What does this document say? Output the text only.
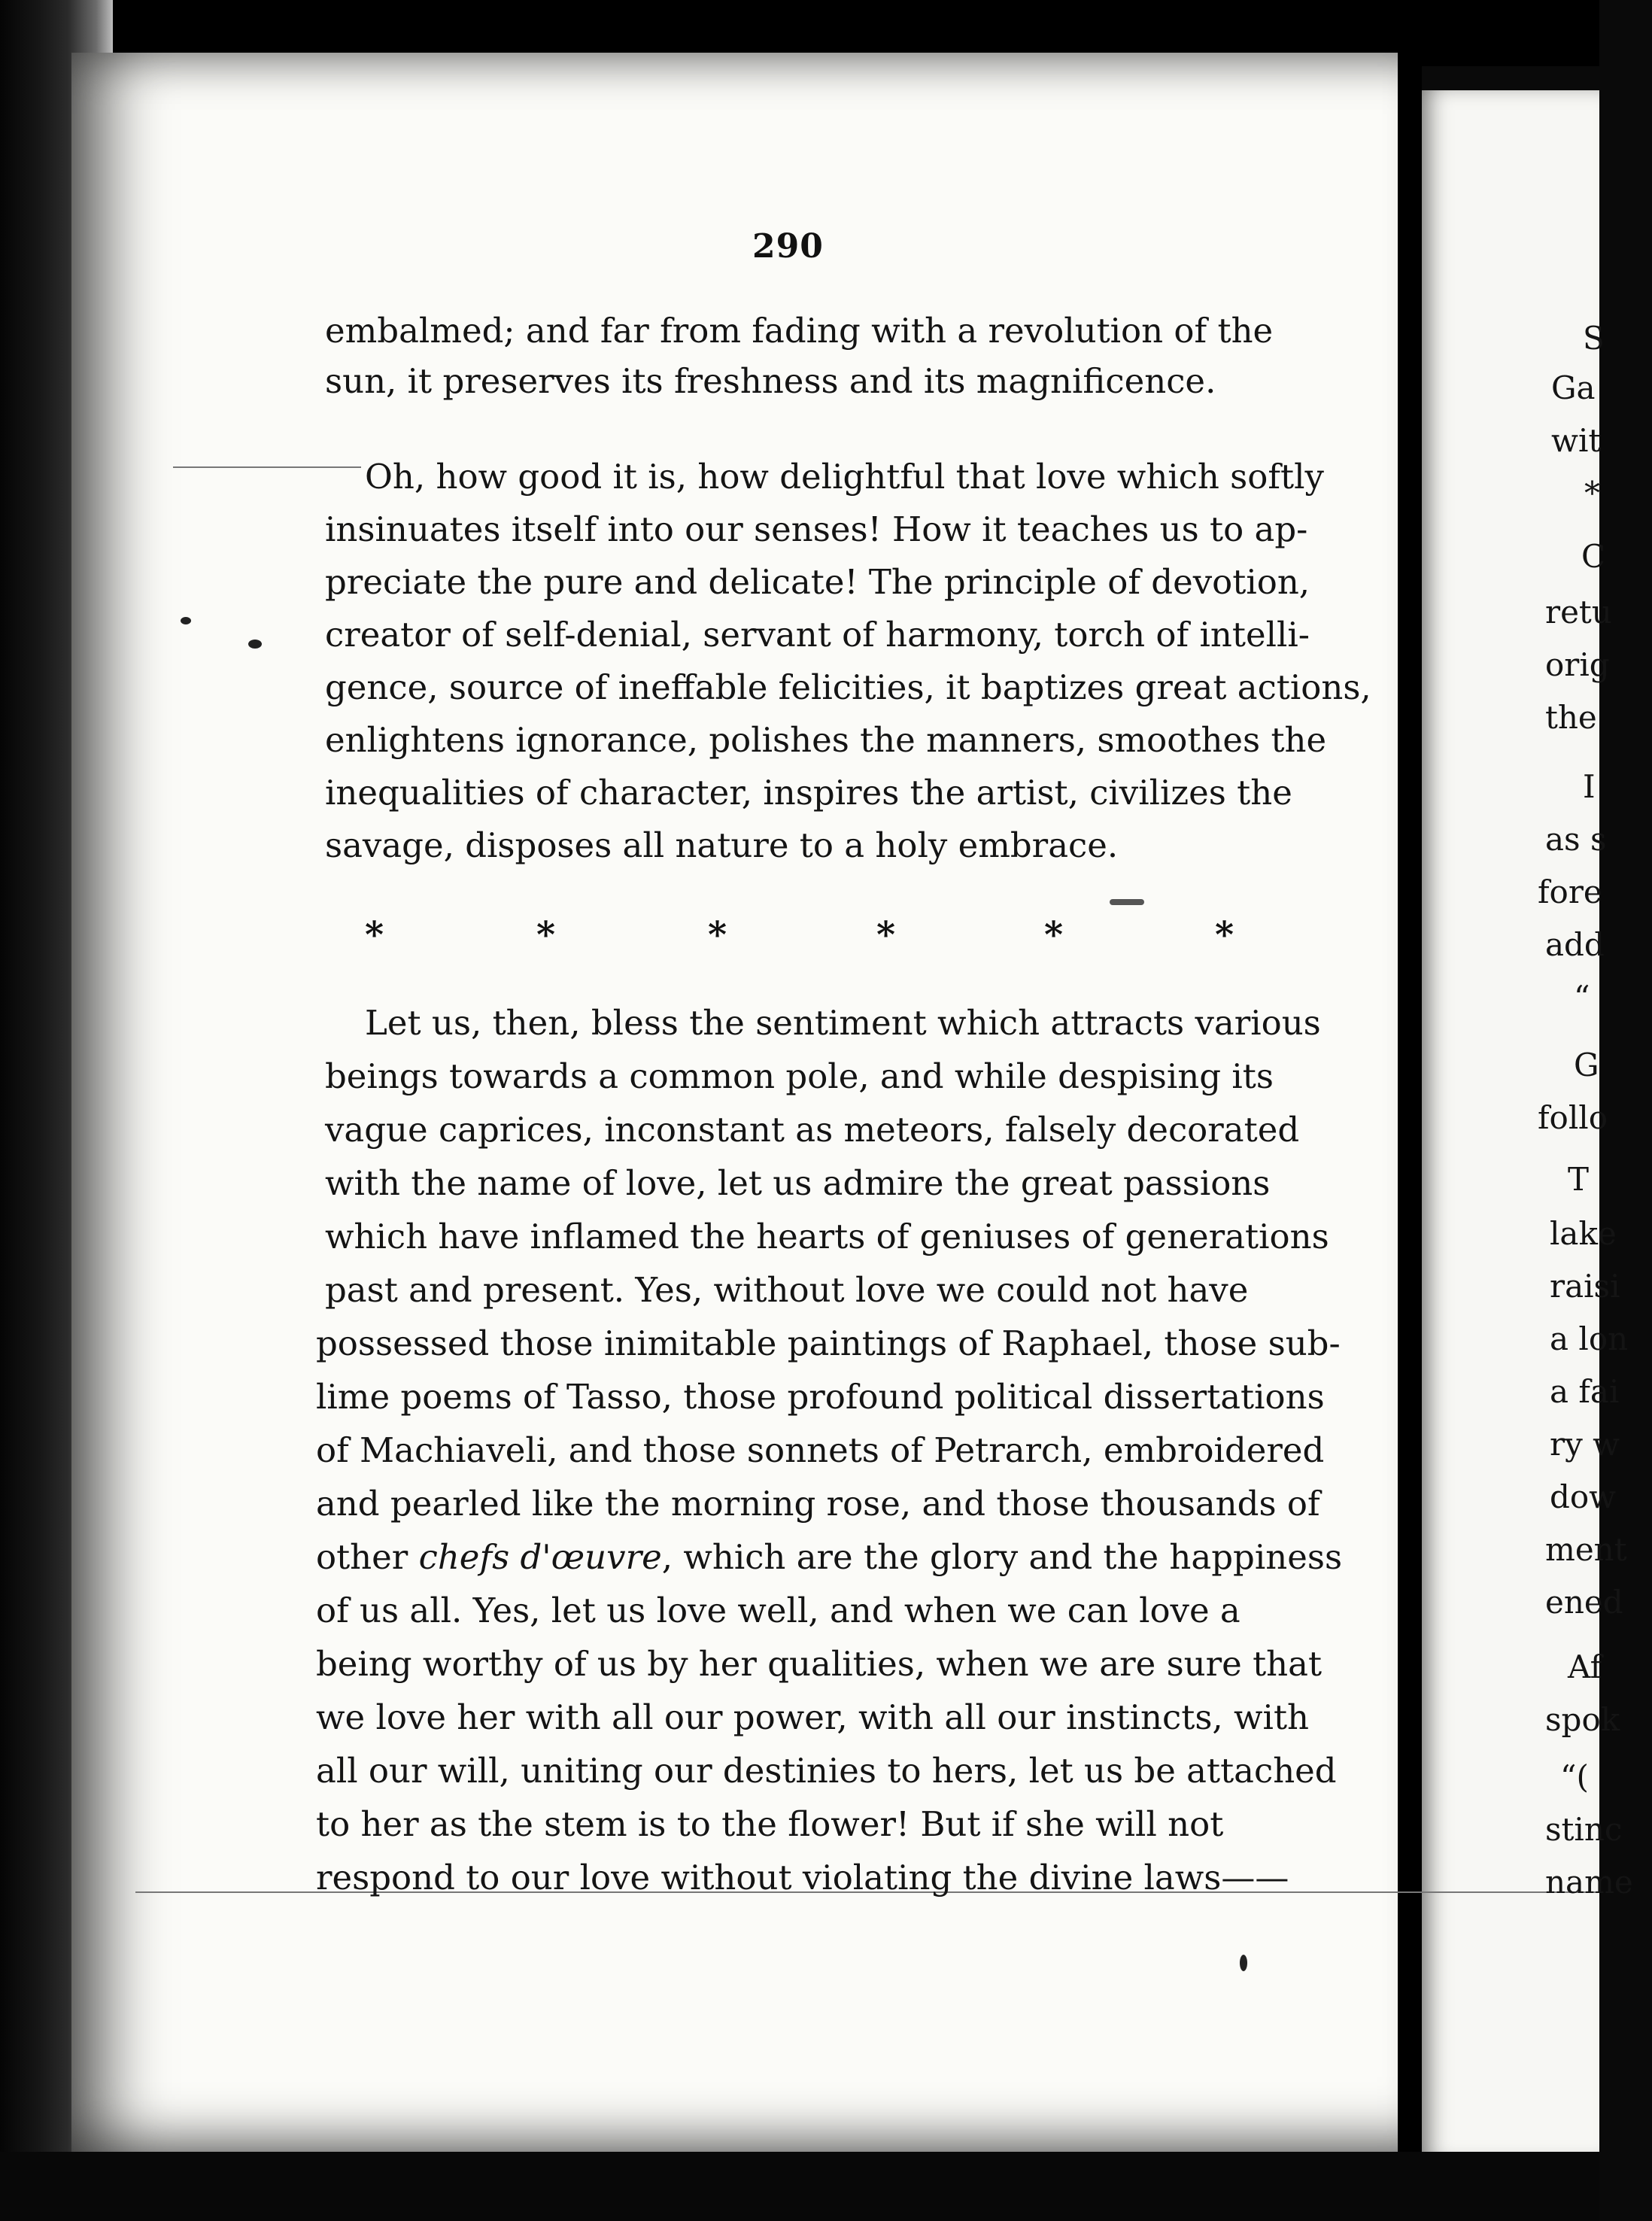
290
embalmed; and far from fading with a revolution of the
sun, it preserves its freshness and its magnificence.
Oh, how good it is, how delightful that love which softly
insinuates itself into our senses! How it teaches us to ap-
preciate the pure and delicate! The principle of devotion,
creator of self-denial, servant of harmony, torch of intelli-
gence, source of ineffable felicities, it baptizes great actions,
enlightens ignorance, polishes the manners, smoothes the
inequalities of character, inspires the artist, civilizes the
savage, disposes all nature to a holy embrace.
*	*	*	*	*	*
Let us, then, bless the sentiment which attracts various
beings towards a common pole, and while despising its
vague caprices, inconstant as meteors, falsely decorated
with the name of love, let us admire the great passions
which have inflamed the hearts of geniuses of generations
past and present. Yes, without love we could not have
possessed those inimitable paintings of Raphael, those sub-
lime poems of Tasso, those profound political dissertations
of Machiaveli, and those sonnets of Petrarch, embroidered
and pearled like the morning rose, and those thousands of
other chefs d'œuvre, which are the glory and the happiness
of us all. Yes, let us love well, and when we can love a
being worthy of us by her qualities, when we are sure that
we love her with all our power, with all our instincts, with
all our will, uniting our destinies to hers, let us be attached
to her as the stem is to the flower! But if she will not
respond to our love without violating the divine laws——
S
Ga
wit
*
C
retu
orig
the
I
as s
fore
add
“
G
follo
T
lake
raisi
a lon
a fai
ry w
dow
ment
ened
Af
spok
“(
stinc
name
